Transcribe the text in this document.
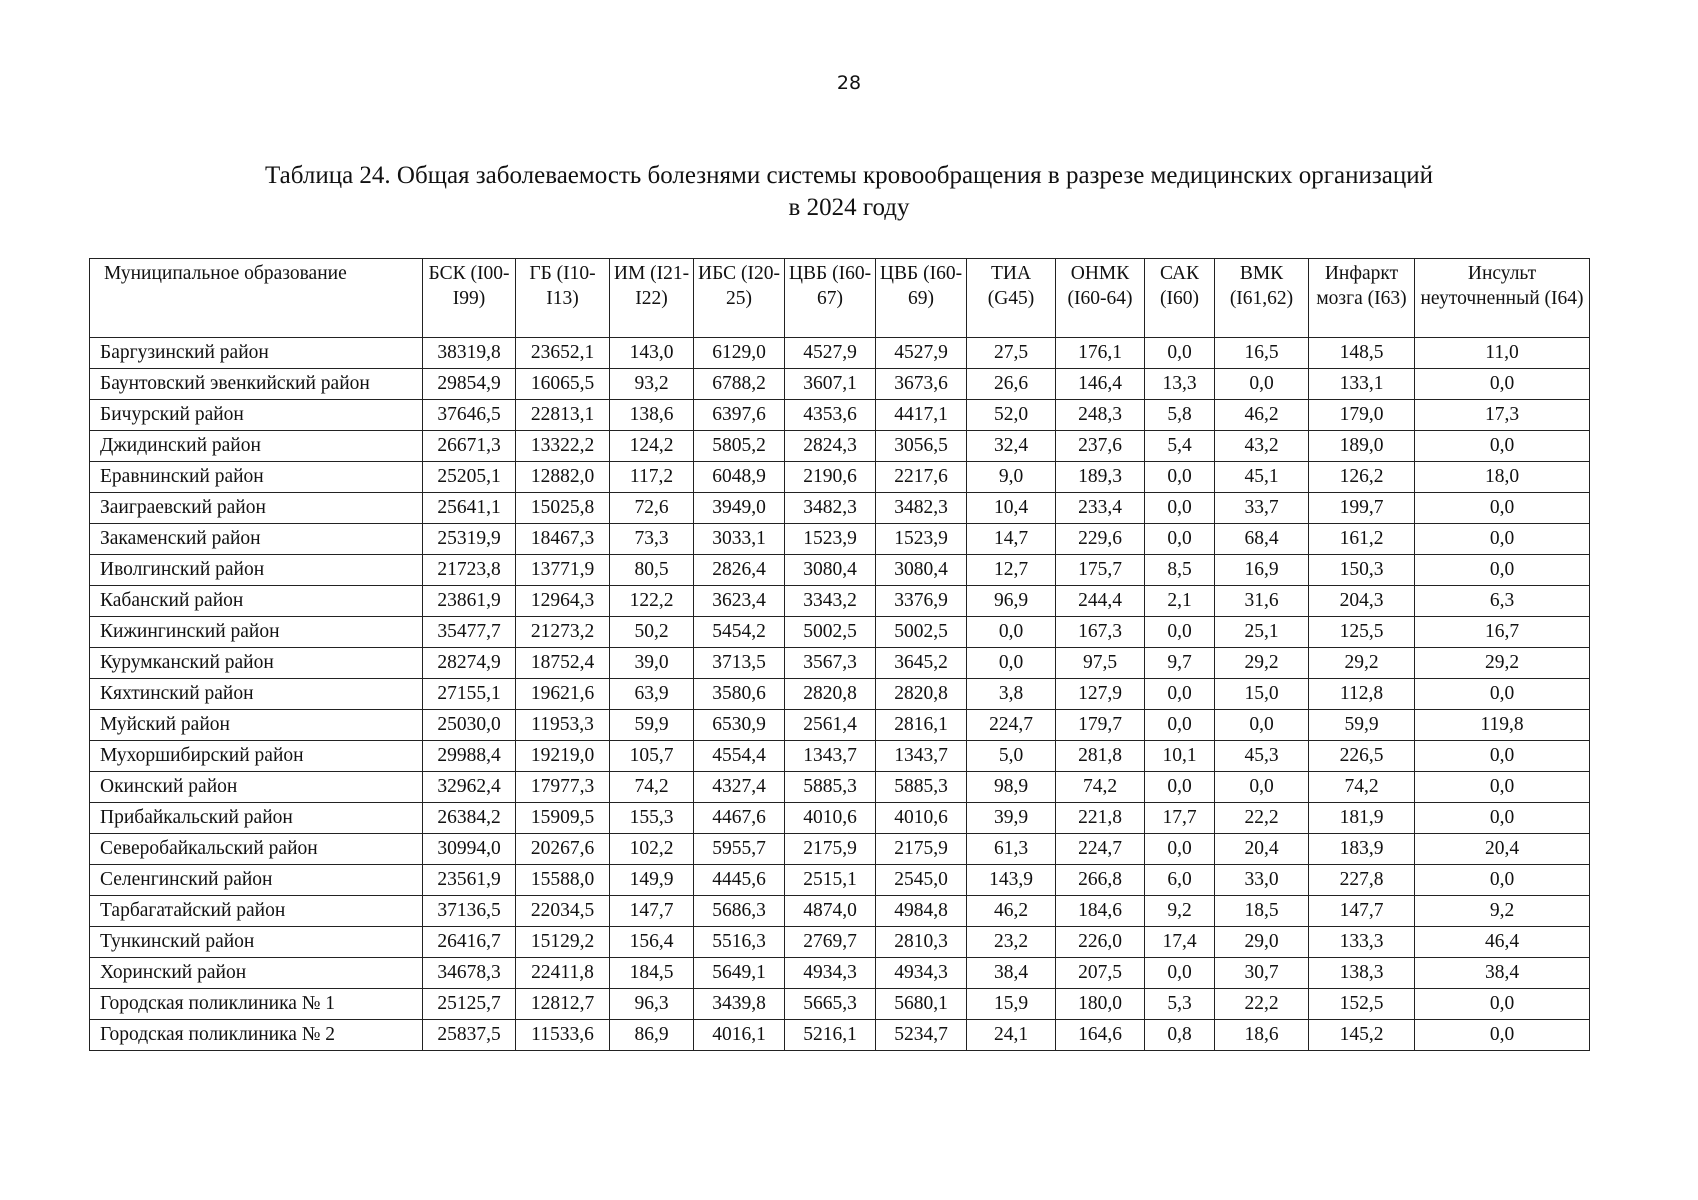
28
Таблица 24. Общая заболеваемость болезнями системы кровообращения в разрезе медицинских организаций
в 2024 году
Муниципальное образование	БСК (I00-I99)	ГБ (I10-I13)	ИМ (I21-I22)	ИБС (I20-25)	ЦВБ (I60-67)	ЦВБ (I60-69)	ТИА (G45)	ОНМК (I60-64)	САК (I60)	ВМК (I61,62)	Инфаркт мозга (I63)	Инсульт неуточненный (I64)
Баргузинский район	38319,8	23652,1	143,0	6129,0	4527,9	4527,9	27,5	176,1	0,0	16,5	148,5	11,0
Баунтовский эвенкийский район	29854,9	16065,5	93,2	6788,2	3607,1	3673,6	26,6	146,4	13,3	0,0	133,1	0,0
Бичурский район	37646,5	22813,1	138,6	6397,6	4353,6	4417,1	52,0	248,3	5,8	46,2	179,0	17,3
Джидинский район	26671,3	13322,2	124,2	5805,2	2824,3	3056,5	32,4	237,6	5,4	43,2	189,0	0,0
Еравнинский район	25205,1	12882,0	117,2	6048,9	2190,6	2217,6	9,0	189,3	0,0	45,1	126,2	18,0
Заиграевский район	25641,1	15025,8	72,6	3949,0	3482,3	3482,3	10,4	233,4	0,0	33,7	199,7	0,0
Закаменский район	25319,9	18467,3	73,3	3033,1	1523,9	1523,9	14,7	229,6	0,0	68,4	161,2	0,0
Иволгинский район	21723,8	13771,9	80,5	2826,4	3080,4	3080,4	12,7	175,7	8,5	16,9	150,3	0,0
Кабанский район	23861,9	12964,3	122,2	3623,4	3343,2	3376,9	96,9	244,4	2,1	31,6	204,3	6,3
Кижингинский район	35477,7	21273,2	50,2	5454,2	5002,5	5002,5	0,0	167,3	0,0	25,1	125,5	16,7
Курумканский район	28274,9	18752,4	39,0	3713,5	3567,3	3645,2	0,0	97,5	9,7	29,2	29,2	29,2
Кяхтинский район	27155,1	19621,6	63,9	3580,6	2820,8	2820,8	3,8	127,9	0,0	15,0	112,8	0,0
Муйский район	25030,0	11953,3	59,9	6530,9	2561,4	2816,1	224,7	179,7	0,0	0,0	59,9	119,8
Мухоршибирский район	29988,4	19219,0	105,7	4554,4	1343,7	1343,7	5,0	281,8	10,1	45,3	226,5	0,0
Окинский район	32962,4	17977,3	74,2	4327,4	5885,3	5885,3	98,9	74,2	0,0	0,0	74,2	0,0
Прибайкальский район	26384,2	15909,5	155,3	4467,6	4010,6	4010,6	39,9	221,8	17,7	22,2	181,9	0,0
Северобайкальский район	30994,0	20267,6	102,2	5955,7	2175,9	2175,9	61,3	224,7	0,0	20,4	183,9	20,4
Селенгинский район	23561,9	15588,0	149,9	4445,6	2515,1	2545,0	143,9	266,8	6,0	33,0	227,8	0,0
Тарбагатайский район	37136,5	22034,5	147,7	5686,3	4874,0	4984,8	46,2	184,6	9,2	18,5	147,7	9,2
Тункинский район	26416,7	15129,2	156,4	5516,3	2769,7	2810,3	23,2	226,0	17,4	29,0	133,3	46,4
Хоринский район	34678,3	22411,8	184,5	5649,1	4934,3	4934,3	38,4	207,5	0,0	30,7	138,3	38,4
Городская поликлиника № 1	25125,7	12812,7	96,3	3439,8	5665,3	5680,1	15,9	180,0	5,3	22,2	152,5	0,0
Городская поликлиника № 2	25837,5	11533,6	86,9	4016,1	5216,1	5234,7	24,1	164,6	0,8	18,6	145,2	0,0
